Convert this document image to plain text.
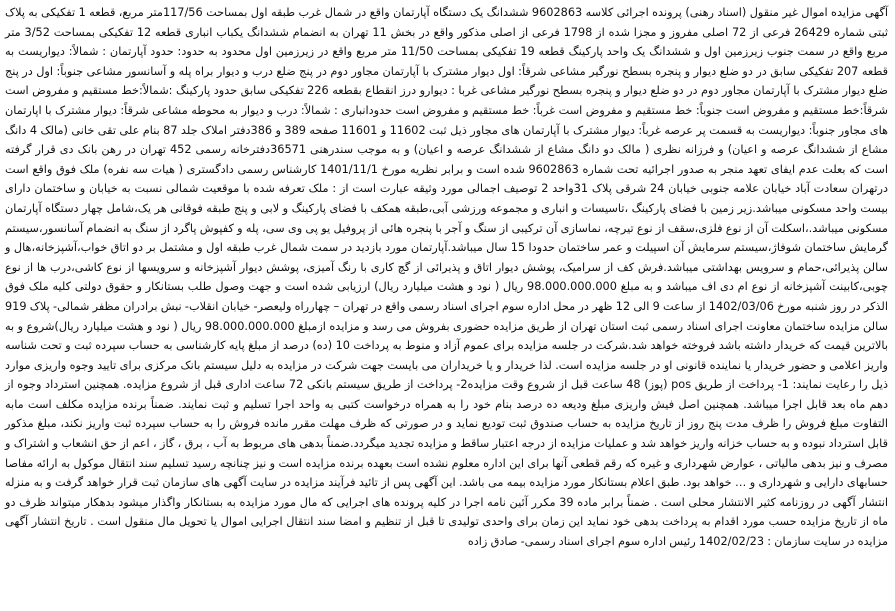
آگهی مزایده اموال غیر منقول (اسناد رهنی) پرونده اجرائی کلاسه 9602863 ششدانگ یک دستگاه آپارتمان واقع در شمال غرب طبقه اول بمساحت 117/56متر مربع، قطعه 1 تفکیکی به پلاک ثبتی شماره 26429 فرعی از 72 اصلی مفروز و مجزا شده از 1798 فرعی از اصلی مذکور واقع در بخش 11 تهران به انضمام ششدانگ یکباب انباری قطعه 12 تفکیکی بمساحت 3/52 متر مربع واقع در سمت جنوب زیرزمین اول و ششدانگ یک واحد پارکینگ قطعه 19 تفکیکی بمساحت 11/50 متر مربع واقع در زیرزمین اول محدود به حدود: حدود آپارتمان : شمالاً: دیواریست به قطعه 207 تفکیکی سابق در دو ضلع دیوار و پنجره بسطح نورگیر مشاعی شرقاً: اول دیوار مشترک با آپارتمان مجاور دوم در پنج ضلع درب و دیوار براه پله و آسانسور مشاعی جنوباً: اول در پنج ضلع دیوار مشترک با آپارتمان مجاور دوم در دو ضلع دیوار و پنجره بسطح نورگیر مشاعی غربا : دیوارو درز انقطاع بقطعه 226 تفکیکی سابق حدود پارکینگ :شمالاً:خط مستقیم و مفروض است شرقاً:خط مستقیم و مفروض است جنوباً: خط مستقیم و مفروض است غرباً: خط مستقیم و مفروض است حدودانباری : شمالاً: درب و دیوار به محوطه مشاعی شرقاً: دیوار مشترک با اپارتمان های مجاور جنوباً: دیواریست به قسمت پر عرصه غرباً: دیوار مشترک با آپارتمان های مجاور ذیل ثبت 11602 و 11601 صفحه 389 و 386دفتر املاک جلد 87 بنام علی تقی خانی (مالک 4 دانگ مشاع از ششدانگ عرصه و اعیان) و فرزانه نظری ( مالک دو دانگ مشاع از ششدانگ عرصه و اعیان) و به موجب سندرهنی 36571دفترخانه رسمی 452 تهران در رهن بانک دی قرار گرفته است که بعلت عدم ایفای تعهد منجر به صدور اجرائیه تحت شماره 9602863 شده است و برابر نظریه مورخ 1401/11/1 کارشناس رسمی دادگستری ( هیات سه نفره) ملک فوق واقع است درتهران سعادت آباد خیابان علامه جنوبی خیابان 24 شرقی پلاک 31واحد 2 توصیف اجمالی مورد وثیقه عبارت است از : ملک تعرفه شده با موقعیت شمالی نسبت به خیابان و ساختمان دارای بیست واحد مسکونی میباشد.زیر زمین با فضای پارکینگ ،تاسیسات و انباری و مجموعه ورزشی آبی،طبقه همکف با فضای پارکینگ و لابی و پنج طبقه فوقانی هر یک،شامل چهار دستگاه آپارتمان مسکونی میباشد.،اسکلت آن از نوع فلزی،سقف از نوع تیرچه، نماسازی آن ترکیبی از سنگ و آجر با پنجره هائی از پروفیل یو پی وی سی، پله و کفپوش پاگرد از سنگ به انضمام آسانسور،سیستم گرمایش ساختمان شوفاژ،سیستم سرمایش آن اسپیلت و عمر ساختمان حدودا 15 سال میباشد.آپارتمان مورد بازدید در سمت شمال غرب طبقه اول و مشتمل بر دو اتاق خواب،آشپزخانه،هال و سالن پذیرائی،حمام و سرویس بهداشتی میباشد.فرش کف از سرامیک، پوشش دیوار اتاق و پذیرائی از گچ کاری با رنگ آمیزی، پوشش دیوار آشپزخانه و سرویسها از نوع کاشی،درب ها از نوع چوبی،کابینت آشپزخانه از نوع ام دی اف میباشد و به مبلغ 98.000.000.000 ریال ( نود و هشت میلیارد ریال) ارزیابی شده است و جهت وصول طلب بستانکار و حقوق دولتی کلیه ملک فوق الذکر در روز شنبه مورخ 1402/03/06 از ساعت 9 الی 12 ظهر در محل اداره سوم اجرای اسناد رسمی واقع در تهران – چهارراه ولیعصر- خیابان انقلاب- نبش برادران مظفر شمالی- پلاک 919 سالن مزایده ساختمان معاونت اجرای اسناد رسمی ثبت استان تهران از طریق مزایده حضوری بفروش می رسد و مزایده ازمبلغ 98.000.000.000 ریال ( نود و هشت میلیارد ریال)شروع و به بالاترین قیمت که خریدار داشته باشد فروخته خواهد شد.شرکت در جلسه مزایده برای عموم آزاد و منوط به پرداخت 10 (ده) درصد از مبلغ پایه کارشناسی به حساب سپرده ثبت و تحت شناسه واریز اعلامی و حضور خریدار یا نماینده قانونی او در جلسه مزایده است. لذا خریدار و یا خریداران می بایست جهت شرکت در مزایده به دلیل سیستم بانک مرکزی برای تایید وجوه واریزی موارد ذیل را رعایت نمایند: 1- پرداخت از طریق pos (پوز) 48 ساعت قبل از شروع وقت مزایده2- پرداخت از طریق سیستم بانکی 72 ساعت اداری قبل از شروع مزایده. همچنین استرداد وجوه از دهم ماه بعد قابل اجرا میباشد. همچنین اصل فیش واریزی مبلغ ودیعه ده درصد بنام خود را به همراه درخواست کتبی به واحد اجرا تسلیم و ثبت نمایند. ضمناً برنده مزایده مکلف است مابه التفاوت مبلغ فروش را ظرف مدت پنج روز از تاریخ مزایده به حساب صندوق ثبت تودیع نماید و در صورتی که ظرف مهلت مقرر مانده فروش را به حساب سپرده ثبت واریز نکند، مبلغ مذکور قابل استرداد نبوده و به حساب خزانه واریز خواهد شد و عملیات مزایده از درجه اعتبار ساقط و مزایده تجدید میگردد.ضمناً بدهی های مربوط به آب ، برق ، گاز ، اعم از حق انشعاب و اشتراک و مصرف و نیز بدهی مالیاتی ، عوارض شهرداری و غیره که رقم قطعی آنها برای این اداره معلوم نشده است بعهده برنده مزایده است و نیز چنانچه رسید تسلیم سند انتقال موکول به ارائه مفاصا حسابهای دارایی و شهرداری و … خواهد بود. طبق اعلام بستانکار مورد مزایده بیمه می باشد. این آگهی پس از تائید فرآیند مزایده در سایت آگهی های سازمان ثبت قرار خواهد گرفت و به منزله انتشار آگهی در روزنامه کثیر الانتشار محلی است . ضمناً برابر ماده 39 مکرر آئین نامه اجرا در کلیه پرونده های اجرایی که مال مورد مزایده به بستانکار واگذار میشود بدهکار میتواند ظرف دو ماه از تاریخ مزایده حسب مورد اقدام به پرداخت بدهی خود نماید این زمان برای واحدی تولیدی تا قبل از تنظیم و امضا سند انتقال اجرایی اموال یا تحویل مال منقول است . تاریخ انتشار آگهی مزایده در سایت سازمان : 1402/02/23 رئیس اداره سوم اجرای اسناد رسمی- صادق زاده
